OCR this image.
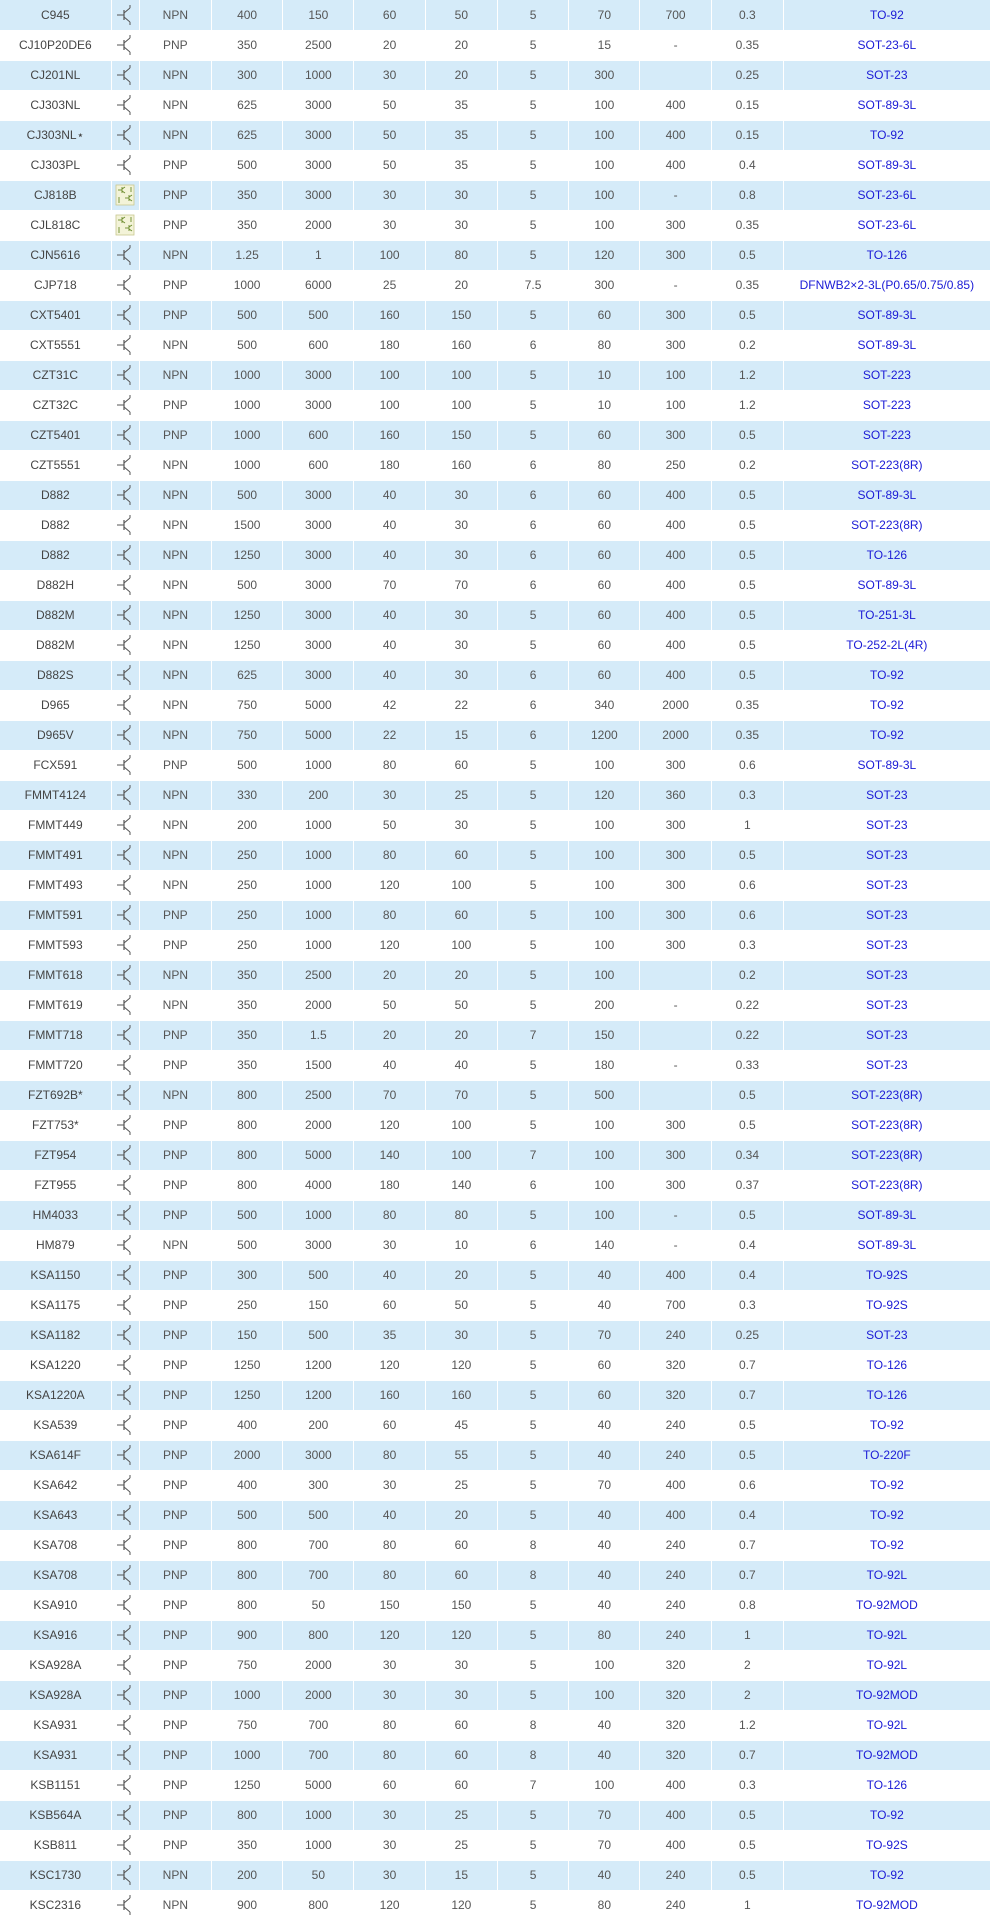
C945		NPN	400	150	60	50	5	70	700	0.3	TO-92
CJ10P20DE6		PNP	350	2500	20	20	5	15	-	0.35	SOT-23-6L
CJ201NL		NPN	300	1000	30	20	5	300		0.25	SOT-23
CJ303NL		NPN	625	3000	50	35	5	100	400	0.15	SOT-89-3L
CJ303NL⋆		NPN	625	3000	50	35	5	100	400	0.15	TO-92
CJ303PL		PNP	500	3000	50	35	5	100	400	0.4	SOT-89-3L
CJ818B		PNP	350	3000	30	30	5	100	-	0.8	SOT-23-6L
CJL818C		PNP	350	2000	30	30	5	100	300	0.35	SOT-23-6L
CJN5616		NPN	1.25	1	100	80	5	120	300	0.5	TO-126
CJP718		PNP	1000	6000	25	20	7.5	300	-	0.35	DFNWB2×2-3L(P0.65/0.75/0.85)
CXT5401		PNP	500	500	160	150	5	60	300	0.5	SOT-89-3L
CXT5551		NPN	500	600	180	160	6	80	300	0.2	SOT-89-3L
CZT31C		NPN	1000	3000	100	100	5	10	100	1.2	SOT-223
CZT32C		PNP	1000	3000	100	100	5	10	100	1.2	SOT-223
CZT5401		PNP	1000	600	160	150	5	60	300	0.5	SOT-223
CZT5551		NPN	1000	600	180	160	6	80	250	0.2	SOT-223(8R)
D882		NPN	500	3000	40	30	6	60	400	0.5	SOT-89-3L
D882		NPN	1500	3000	40	30	6	60	400	0.5	SOT-223(8R)
D882		NPN	1250	3000	40	30	6	60	400	0.5	TO-126
D882H		NPN	500	3000	70	70	6	60	400	0.5	SOT-89-3L
D882M		NPN	1250	3000	40	30	5	60	400	0.5	TO-251-3L
D882M		NPN	1250	3000	40	30	5	60	400	0.5	TO-252-2L(4R)
D882S		NPN	625	3000	40	30	6	60	400	0.5	TO-92
D965		NPN	750	5000	42	22	6	340	2000	0.35	TO-92
D965V		NPN	750	5000	22	15	6	1200	2000	0.35	TO-92
FCX591		PNP	500	1000	80	60	5	100	300	0.6	SOT-89-3L
FMMT4124		NPN	330	200	30	25	5	120	360	0.3	SOT-23
FMMT449		NPN	200	1000	50	30	5	100	300	1	SOT-23
FMMT491		NPN	250	1000	80	60	5	100	300	0.5	SOT-23
FMMT493		NPN	250	1000	120	100	5	100	300	0.6	SOT-23
FMMT591		PNP	250	1000	80	60	5	100	300	0.6	SOT-23
FMMT593		PNP	250	1000	120	100	5	100	300	0.3	SOT-23
FMMT618		NPN	350	2500	20	20	5	100		0.2	SOT-23
FMMT619		NPN	350	2000	50	50	5	200	-	0.22	SOT-23
FMMT718		PNP	350	1.5	20	20	7	150		0.22	SOT-23
FMMT720		PNP	350	1500	40	40	5	180	-	0.33	SOT-23
FZT692B*		NPN	800	2500	70	70	5	500		0.5	SOT-223(8R)
FZT753*		PNP	800	2000	120	100	5	100	300	0.5	SOT-223(8R)
FZT954		PNP	800	5000	140	100	7	100	300	0.34	SOT-223(8R)
FZT955		PNP	800	4000	180	140	6	100	300	0.37	SOT-223(8R)
HM4033		PNP	500	1000	80	80	5	100	-	0.5	SOT-89-3L
HM879		NPN	500	3000	30	10	6	140	-	0.4	SOT-89-3L
KSA1150		PNP	300	500	40	20	5	40	400	0.4	TO-92S
KSA1175		PNP	250	150	60	50	5	40	700	0.3	TO-92S
KSA1182		PNP	150	500	35	30	5	70	240	0.25	SOT-23
KSA1220		PNP	1250	1200	120	120	5	60	320	0.7	TO-126
KSA1220A		PNP	1250	1200	160	160	5	60	320	0.7	TO-126
KSA539		PNP	400	200	60	45	5	40	240	0.5	TO-92
KSA614F		PNP	2000	3000	80	55	5	40	240	0.5	TO-220F
KSA642		PNP	400	300	30	25	5	70	400	0.6	TO-92
KSA643		PNP	500	500	40	20	5	40	400	0.4	TO-92
KSA708		PNP	800	700	80	60	8	40	240	0.7	TO-92
KSA708		PNP	800	700	80	60	8	40	240	0.7	TO-92L
KSA910		PNP	800	50	150	150	5	40	240	0.8	TO-92MOD
KSA916		PNP	900	800	120	120	5	80	240	1	TO-92L
KSA928A		PNP	750	2000	30	30	5	100	320	2	TO-92L
KSA928A		PNP	1000	2000	30	30	5	100	320	2	TO-92MOD
KSA931		PNP	750	700	80	60	8	40	320	1.2	TO-92L
KSA931		PNP	1000	700	80	60	8	40	320	0.7	TO-92MOD
KSB1151		PNP	1250	5000	60	60	7	100	400	0.3	TO-126
KSB564A		PNP	800	1000	30	25	5	70	400	0.5	TO-92
KSB811		PNP	350	1000	30	25	5	70	400	0.5	TO-92S
KSC1730		NPN	200	50	30	15	5	40	240	0.5	TO-92
KSC2316		NPN	900	800	120	120	5	80	240	1	TO-92MOD
